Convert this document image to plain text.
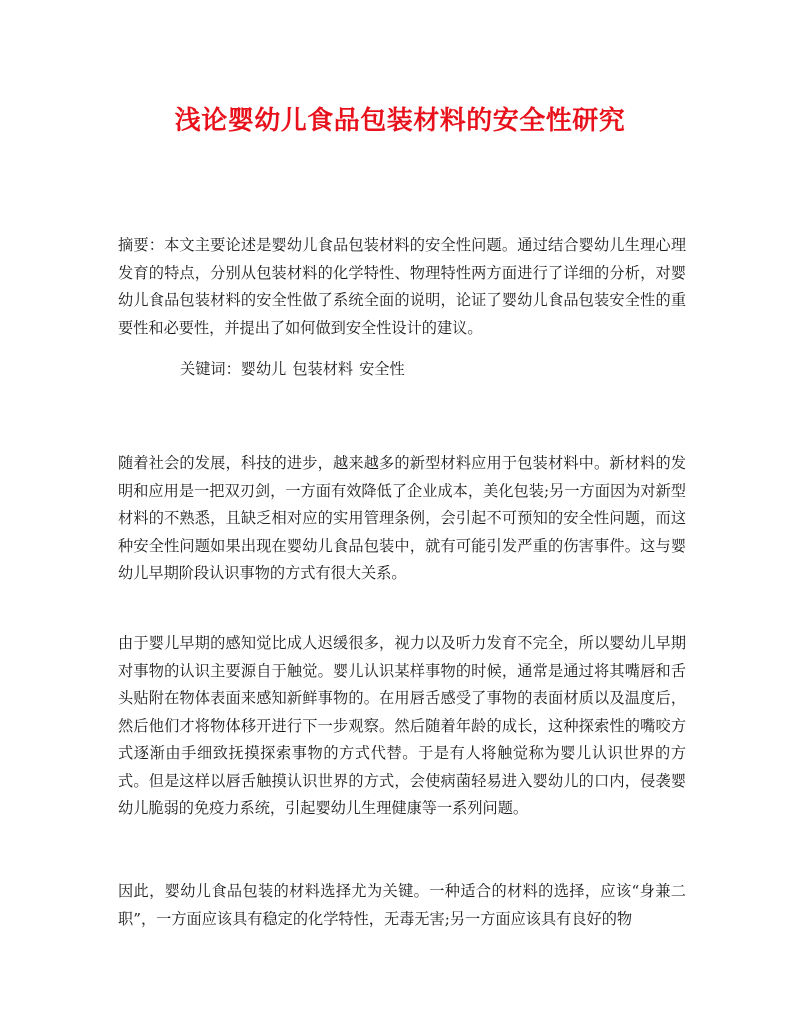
浅论婴幼儿食品包装材料的安全性研究

摘要：本文主要论述是婴幼儿食品包装材料的安全性问题。通过结合婴幼儿生理心理发育的特点，分别从包装材料的化学特性、物理特性两方面进行了详细的分析，对婴幼儿食品包装材料的安全性做了系统全面的说明，论证了婴幼儿食品包装安全性的重要性和必要性，并提出了如何做到安全性设计的建议。

关键词：婴幼儿 包装材料 安全性

随着社会的发展，科技的进步，越来越多的新型材料应用于包装材料中。新材料的发明和应用是一把双刃剑，一方面有效降低了企业成本，美化包装;另一方面因为对新型材料的不熟悉，且缺乏相对应的实用管理条例，会引起不可预知的安全性问题，而这种安全性问题如果出现在婴幼儿食品包装中，就有可能引发严重的伤害事件。这与婴幼儿早期阶段认识事物的方式有很大关系。

由于婴儿早期的感知觉比成人迟缓很多，视力以及听力发育不完全，所以婴幼儿早期对事物的认识主要源自于触觉。婴儿认识某样事物的时候，通常是通过将其嘴唇和舌头贴附在物体表面来感知新鲜事物的。在用唇舌感受了事物的表面材质以及温度后，然后他们才将物体移开进行下一步观察。然后随着年龄的成长，这种探索性的嘴咬方式逐渐由手细致抚摸探索事物的方式代替。于是有人将触觉称为婴儿认识世界的方式。但是这样以唇舌触摸认识世界的方式，会使病菌轻易进入婴幼儿的口内，侵袭婴幼儿脆弱的免疫力系统，引起婴幼儿生理健康等一系列问题。

因此，婴幼儿食品包装的材料选择尤为关键。一种适合的材料的选择，应该“身兼二职”，一方面应该具有稳定的化学特性，无毒无害;另一方面应该具有良好的物
